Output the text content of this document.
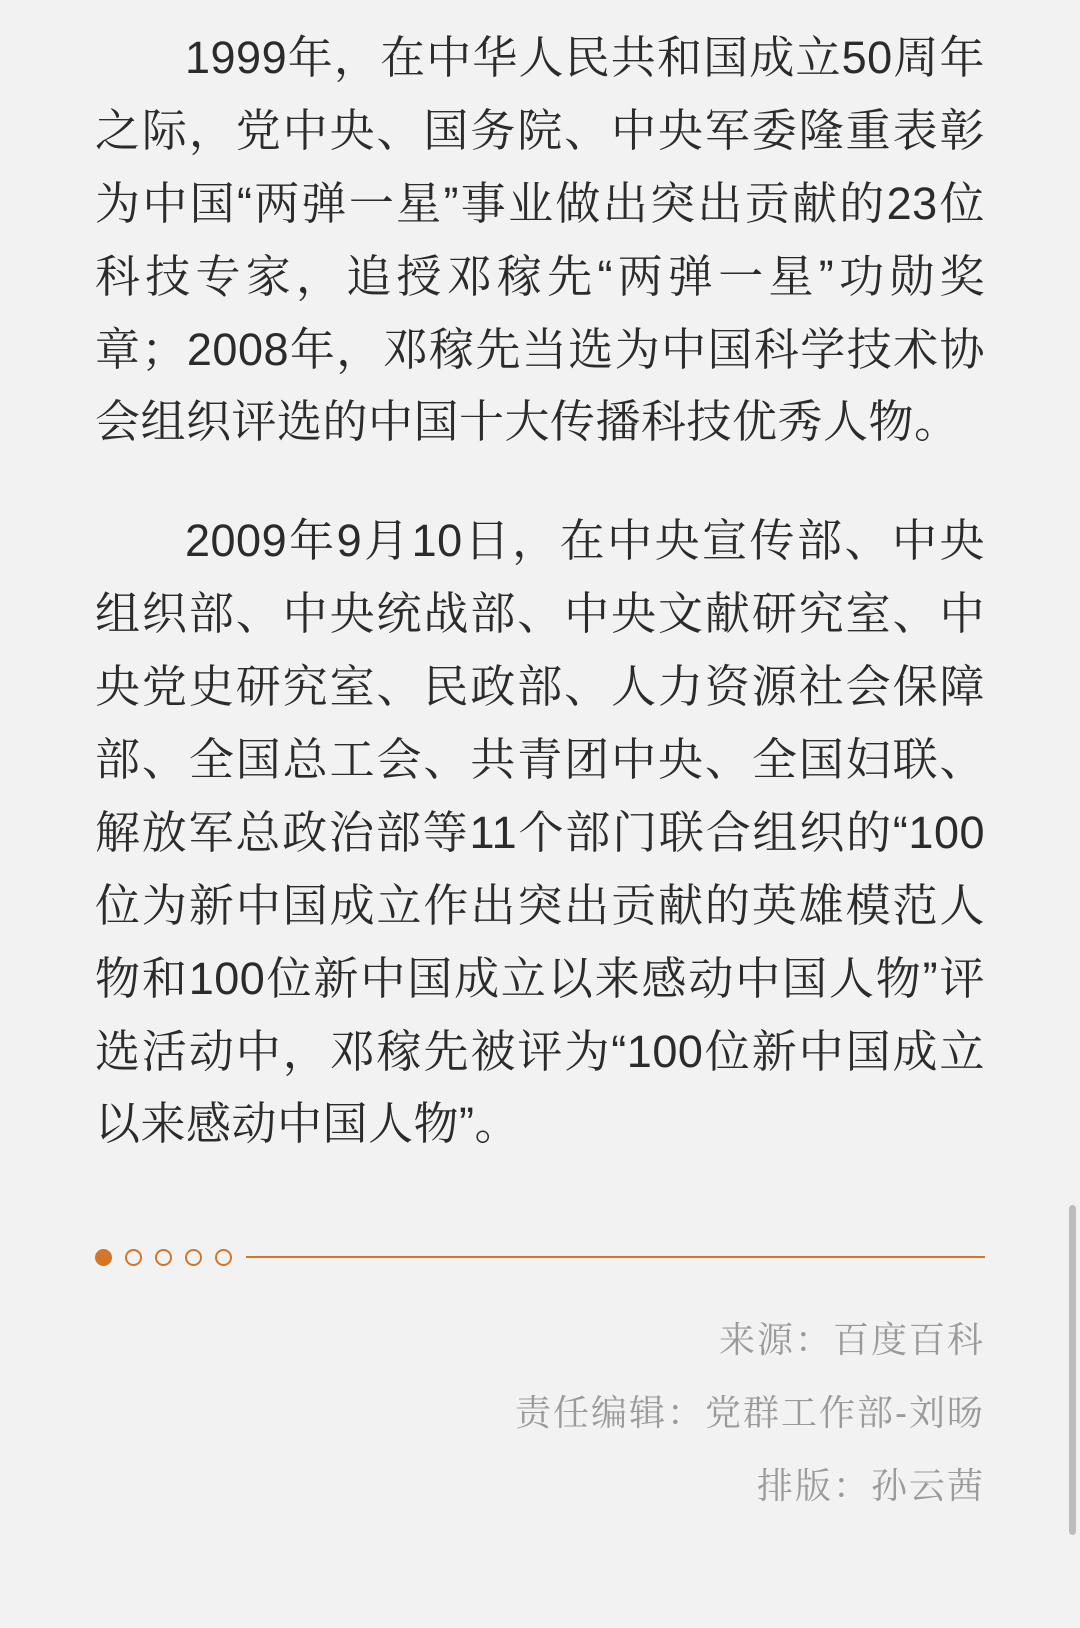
1999年，在中华人民共和国成立50周年之际，党中央、国务院、中央军委隆重表彰为中国“两弹一星”事业做出突出贡献的23位科技专家，追授邓稼先“两弹一星”功勋奖章；2008年，邓稼先当选为中国科学技术协会组织评选的中国十大传播科技优秀人物。

2009年9月10日，在中央宣传部、中央组织部、中央统战部、中央文献研究室、中央党史研究室、民政部、人力资源社会保障部、全国总工会、共青团中央、全国妇联、解放军总政治部等11个部门联合组织的“100位为新中国成立作出突出贡献的英雄模范人物和100位新中国成立以来感动中国人物”评选活动中，邓稼先被评为“100位新中国成立以来感动中国人物”。

来源：百度百科
责任编辑：党群工作部-刘旸
排版：孙云茜
